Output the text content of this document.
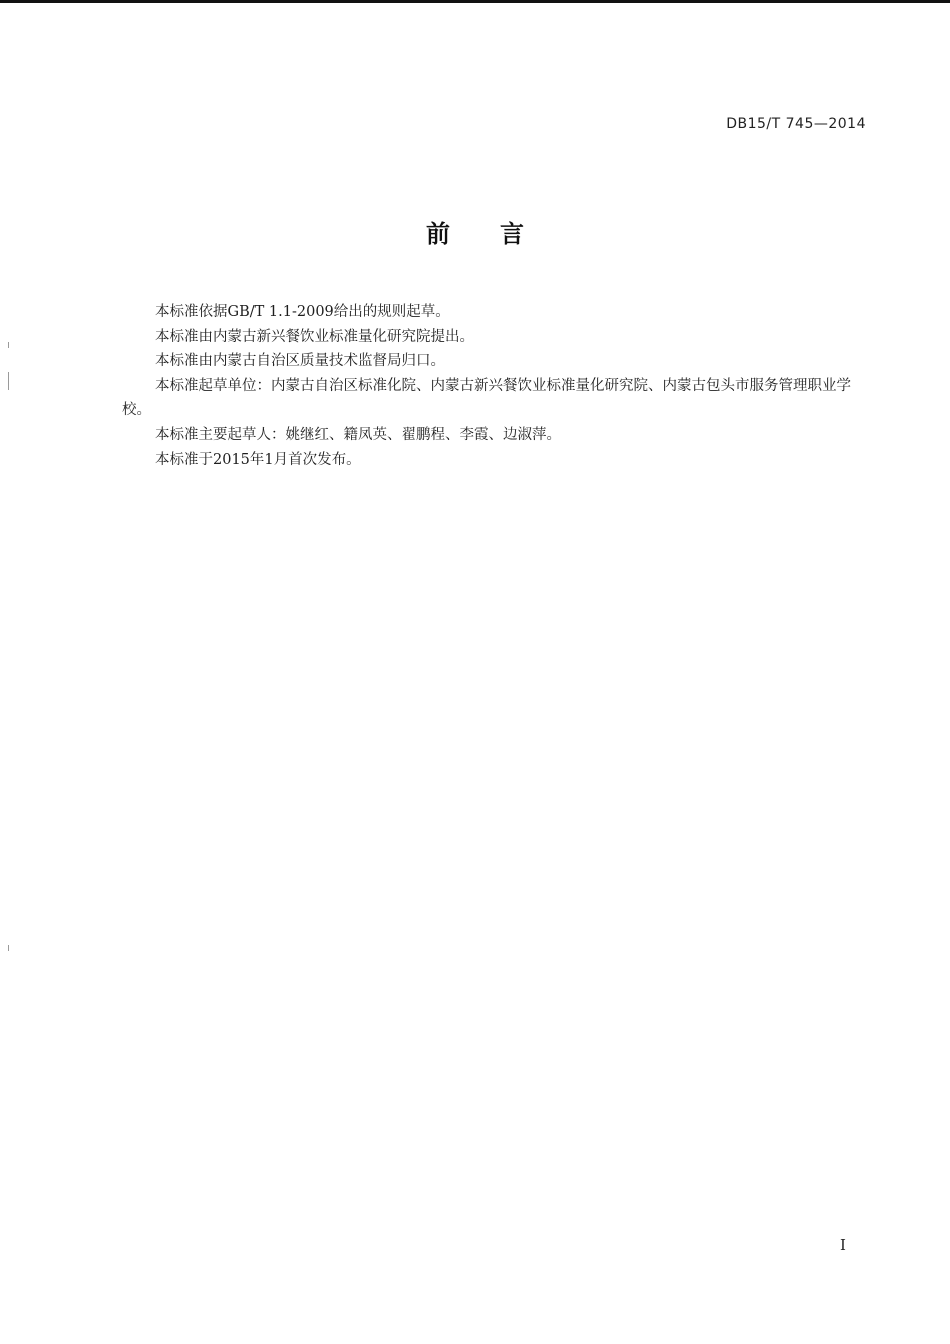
DB15/T 745—2014
前言

本标准依据GB/T 1.1-2009给出的规则起草。

本标准由内蒙古新兴餐饮业标准量化研究院提出。

本标准由内蒙古自治区质量技术监督局归口。

本标准起草单位：内蒙古自治区标准化院、内蒙古新兴餐饮业标准量化研究院、内蒙古包头市服务管理职业学校。

本标准主要起草人：姚继红、籍凤英、翟鹏程、李霞、边淑萍。

本标准于2015年1月首次发布。

I
